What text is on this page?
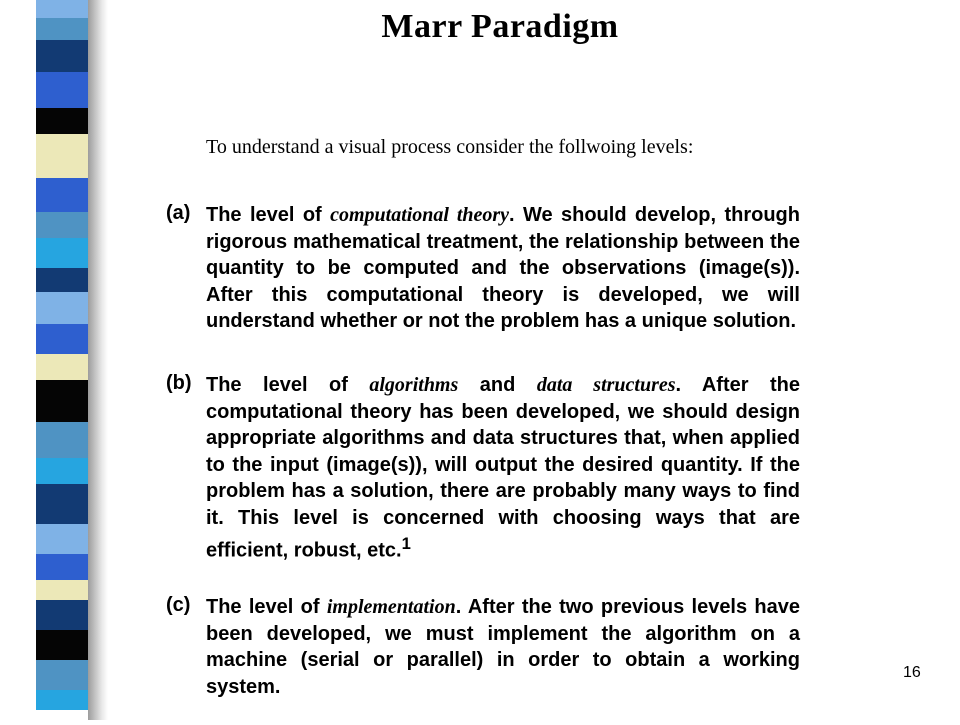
Marr Paradigm

To understand a visual process consider the follwoing levels:

(a) The level of computational theory. We should develop, through rigorous mathematical treatment, the relationship between the quantity to be computed and the observations (image(s)). After this computational theory is developed, we will understand whether or not the problem has a unique solution.
(b) The level of algorithms and data structures. After the computational theory has been developed, we should design appropriate algorithms and data structures that, when applied to the input (image(s)), will output the desired quantity. If the problem has a solution, there are probably many ways to find it. This level is concerned with choosing ways that are efficient, robust, etc.$^1$
(c) The level of implementation. After the two previous levels have been developed, we must implement the algorithm on a machine (serial or parallel) in order to obtain a working system.
16
